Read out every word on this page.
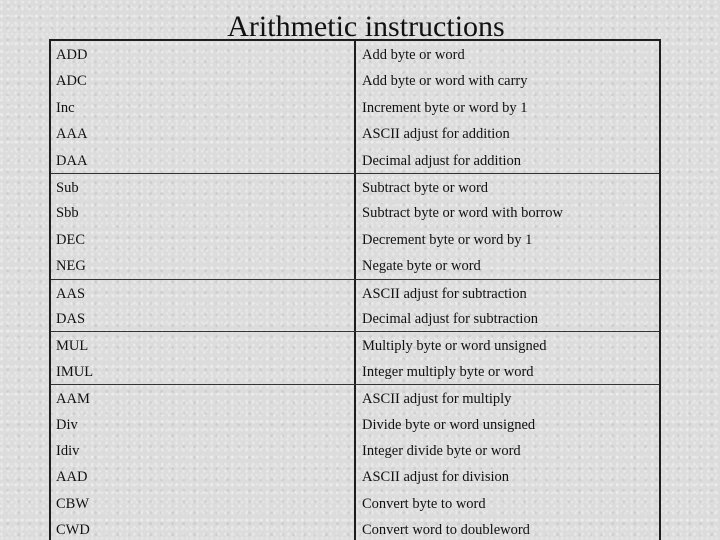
Arithmetic instructions
ADD	Add byte or word
ADC	Add byte or word with carry
Inc	Increment byte or word by 1
AAA	ASCII adjust for addition
DAA	Decimal adjust for addition
Sub	Subtract byte or word
Sbb	Subtract byte or word with borrow
DEC	Decrement byte or word by 1
NEG	Negate byte or word
AAS	ASCII adjust for subtraction
DAS	Decimal adjust for subtraction
MUL	Multiply byte or word unsigned
IMUL	Integer multiply byte or word
AAM	ASCII adjust for multiply
Div	Divide byte or word unsigned
Idiv	Integer divide byte or word
AAD	ASCII adjust for division
CBW	Convert byte to word
CWD	Convert word to doubleword
